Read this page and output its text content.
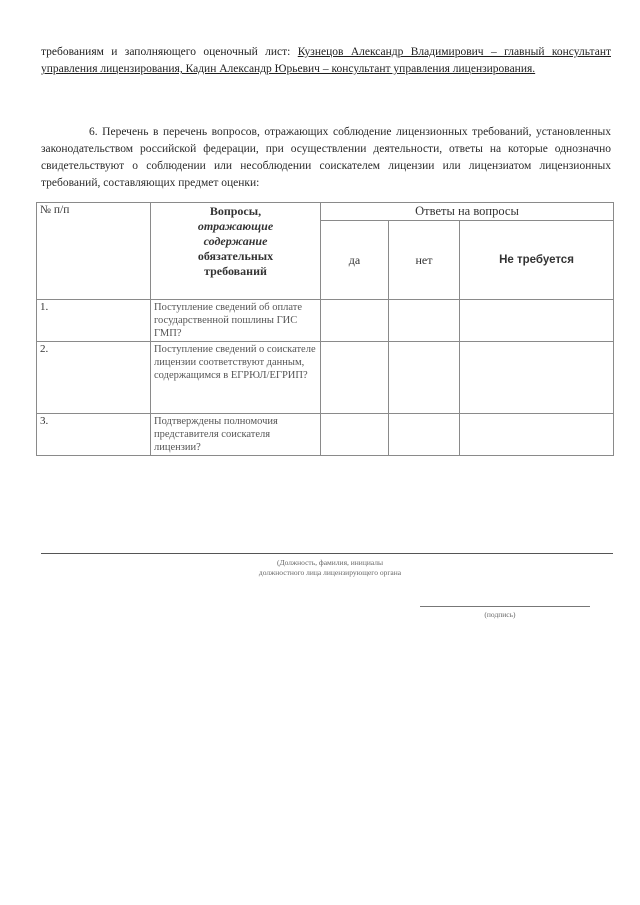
требованиям и заполняющего оценочный лист: Кузнецов Александр Владимирович – главный консультант управления лицензирования, Кадин Александр Юрьевич – консультант управления лицензирования.
6. Перечень в перечень вопросов, отражающих соблюдение лицензионных требований, установленных законодательством российской федерации, при осуществлении деятельности, ответы на которые однозначно свидетельствуют о соблюдении или несоблюдении соискателем лицензии или лицензиатом лицензионных требований, составляющих предмет оценки:
№ п/п	Вопросы,
отражающие
содержание
обязательных
требований	Ответы на вопросы		
		да	нет	Не требуется
1.	Поступление сведений об оплате государственной пошлины ГИС ГМП?			
2.	Поступление сведений о соискателе лицензии соответствуют данным, содержащимся в ЕГРЮЛ/ЕГРИП?			
3.	Подтверждены полномочия представителя соискателя лицензии?			
(Должность, фамилия, инициалы
должностного лица лицензирующего органа
(подпись)
